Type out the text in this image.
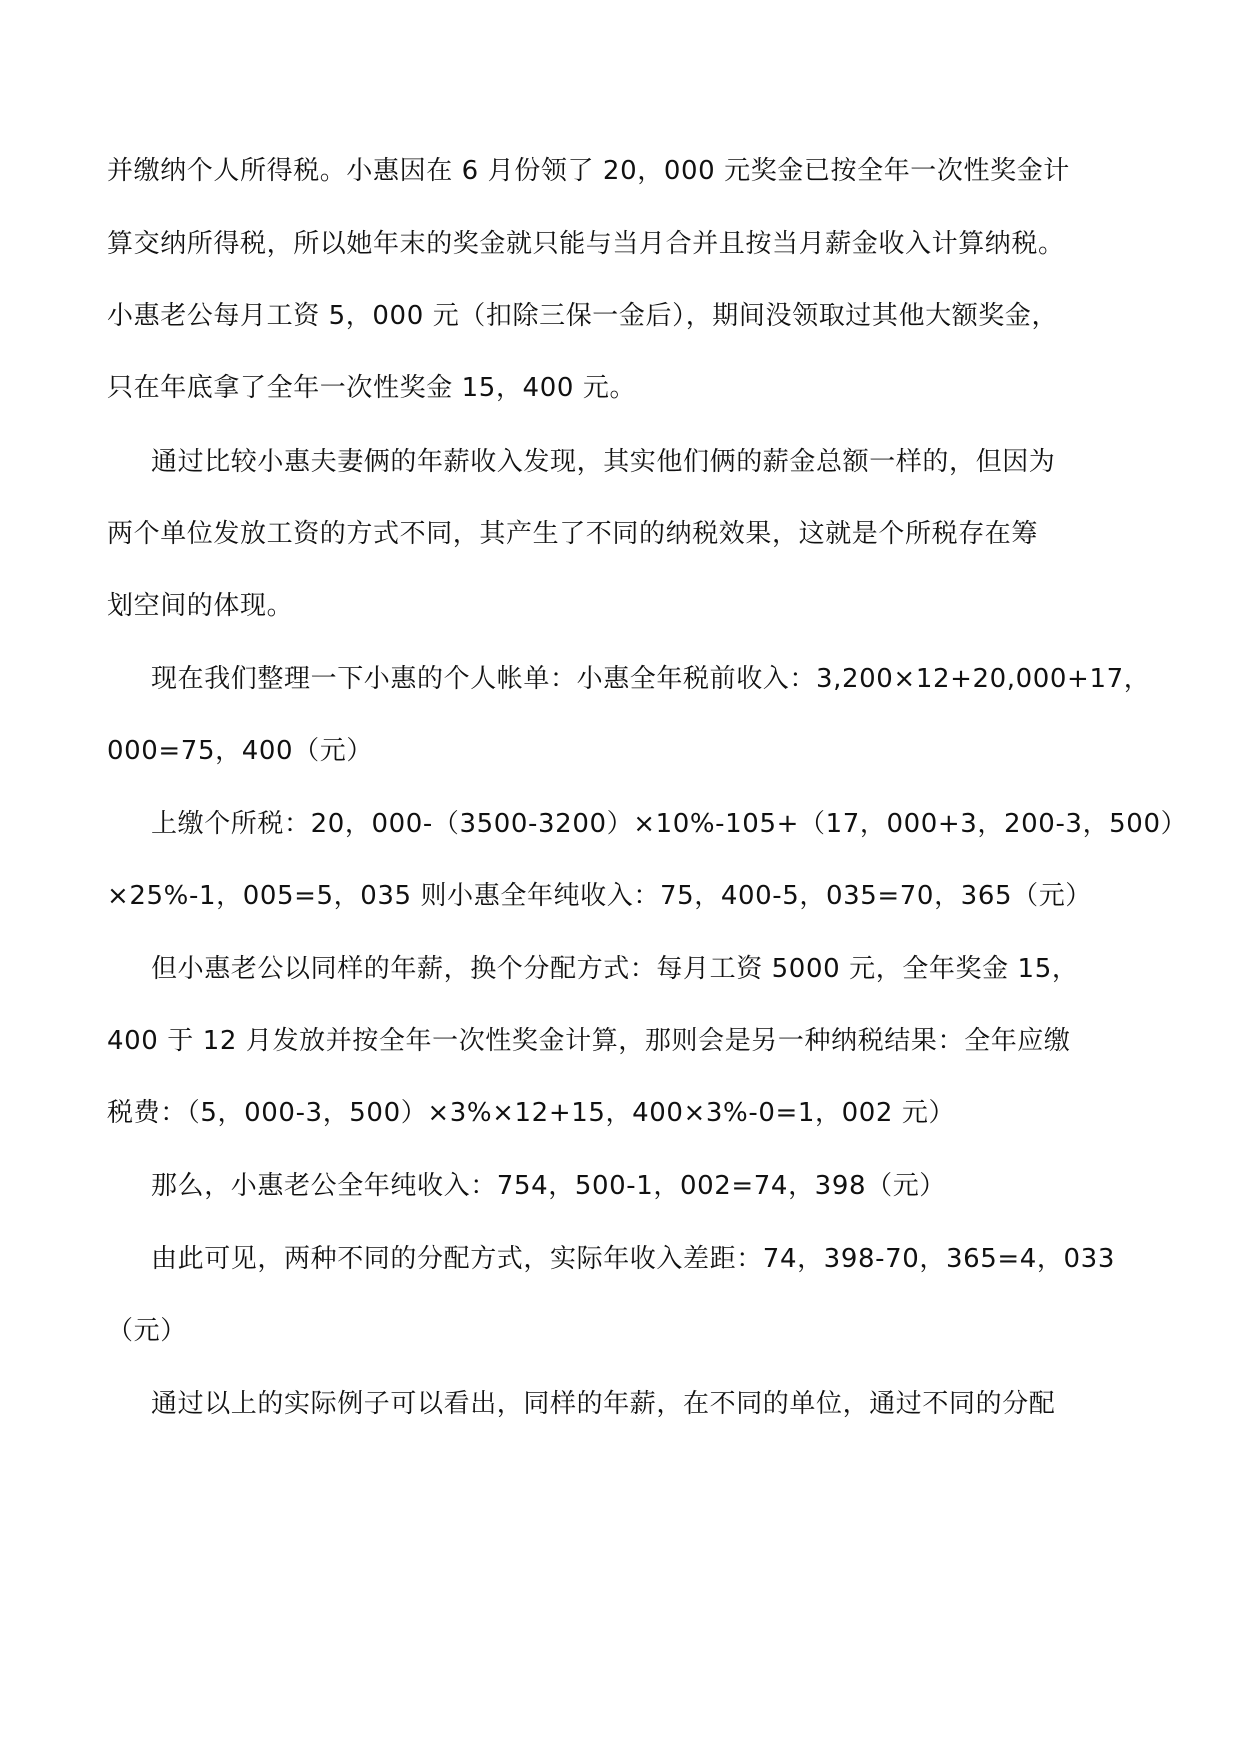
并缴纳个人所得税。小惠因在 6 月份领了 20，000 元奖金已按全年一次性奖金计
算交纳所得税，所以她年末的奖金就只能与当月合并且按当月薪金收入计算纳税。
小惠老公每月工资 5，000 元（扣除三保一金后），期间没领取过其他大额奖金，
只在年底拿了全年一次性奖金 15，400 元。
通过比较小惠夫妻俩的年薪收入发现，其实他们俩的薪金总额一样的，但因为
两个单位发放工资的方式不同，其产生了不同的纳税效果，这就是个所税存在筹
划空间的体现。
现在我们整理一下小惠的个人帐单：小惠全年税前收入：3,200×12+20,000+17，
000=75，400（元）
上缴个所税：20，000-（3500-3200）×10%-105+（17，000+3，200-3，500）
×25%-1，005=5，035 则小惠全年纯收入：75，400-5，035=70，365（元）
但小惠老公以同样的年薪，换个分配方式：每月工资 5000 元，全年奖金 15，
400 于 12 月发放并按全年一次性奖金计算，那则会是另一种纳税结果：全年应缴
税费：（5，000-3，500）×3%×12+15，400×3%-0=1，002 元）
那么，小惠老公全年纯收入：754，500-1，002=74，398（元）
由此可见，两种不同的分配方式，实际年收入差距：74，398-70，365=4，033
（元）
通过以上的实际例子可以看出，同样的年薪，在不同的单位，通过不同的分配
